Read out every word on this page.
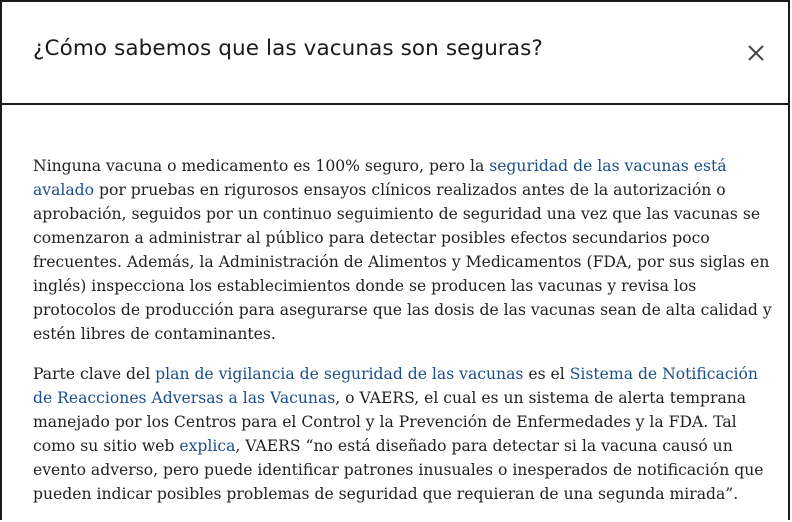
¿Cómo sabemos que las vacunas son seguras?

Ninguna vacuna o medicamento es 100% seguro, pero la seguridad de las vacunas está avalado por pruebas en rigurosos ensayos clínicos realizados antes de la autorización o aprobación, seguidos por un continuo seguimiento de seguridad una vez que las vacunas se comenzaron a administrar al público para detectar posibles efectos secundarios poco frecuentes. Además, la Administración de Alimentos y Medicamentos (FDA, por sus siglas en inglés) inspecciona los establecimientos donde se producen las vacunas y revisa los protocolos de producción para asegurarse que las dosis de las vacunas sean de alta calidad y estén libres de contaminantes.

Parte clave del plan de vigilancia de seguridad de las vacunas es el Sistema de Notificación de Reacciones Adversas a las Vacunas, o VAERS, el cual es un sistema de alerta temprana manejado por los Centros para el Control y la Prevención de Enfermedades y la FDA. Tal como su sitio web explica, VAERS “no está diseñado para detectar si la vacuna causó un evento adverso, pero puede identificar patrones inusuales o inesperados de notificación que pueden indicar posibles problemas de seguridad que requieran de una segunda mirada”.
